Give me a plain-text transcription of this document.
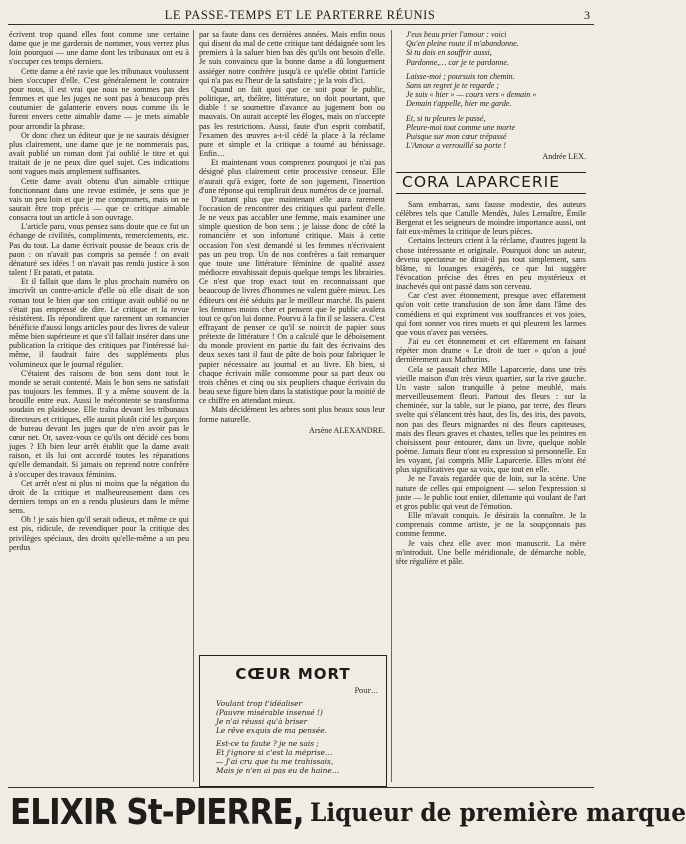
LE PASSE-TEMPS ET LE PARTERRE RÉUNIS	3

écrivent trop quand elles font comme une certaine dame que je me garderais de nommer, vous verrez plus loin pourquoi — une dame dont les tribunaux ont eu à s'occuper ces temps derniers.

Cette dame a été ravie que les tribunaux voulussent bien s'occuper d'elle. C'est généralement le contraire pour nous, il est vrai que nous ne sommes pas des femmes et que les juges ne sont pas à beaucoup près coutumier de galanterie envers nous comme ils le furent envers cette aimable dame — je mets aimable pour arrondir la phrase.

Or donc chez un éditeur que je ne saurais désigner plus clairement, une dame que je ne nommerais pas, avait publié un roman dont j'ai oublié le titre et qui traitait de je ne peux dire quel sujet. Ces indications sont vagues mais amplement suffisantes.

Cette dame avait obtenu d'un aimable critique fonctionnant dans une revue estimée, je sens que je vais un peu loin et que je me compromets, mais on ne saurait être trop précis — que ce critique aimable consacra tout un article à son ouvrage.

L'article paru, vous pensez sans doute que ce fut un échange de civilités, compliments, remerciements, etc. Pas du tout. La dame écrivait pousse de beaux cris de paon : on n'avait pas compris sa pensée ! on avait dénaturé ses idées ! on n'avait pas rendu justice à son talent ! Et patati, et patata.

Et il fallait que dans le plus prochain numéro on inscrivît un contre-article d'elle où elle disait de son roman tout le bien que son critique avait oublié ou ne s'était pas empressé de dire. Le critique et la revue résistèrent. Ils répondirent que rarement un romancier bénéficie d'aussi longs articles pour des livres de valeur même bien supérieure et que s'il fallait insérer dans une publication la critique des critiques par l'intéressé lui-même, il faudrait faire des suppléments plus volumineux que le journal régulier.

C'étaient des raisons de bon sens dont tout le monde se serait contenté. Mais le bon sens ne satisfait pas toujours les femmes. Il y a même souvent de la brouille entre eux. Aussi le mécontente se transforma soudain en plaideuse. Elle traîna devant les tribunaux directeurs et critiques, elle aurait plutôt cité les garçons de bureau devant les juges que de n'en avoir pas le cœur net. Or, savez-vous ce qu'ils ont décidé ces bons juges ? Eh bien leur arrêt établit que la dame avait raison, et ils lui ont accordé toutes les réparations qu'elle demandait. Si jamais on reprend notre confrère à s'occuper des travaux féminins.

Cet arrêt n'est ni plus ni moins que la négation du droit de la critique et malheureusement dans ces derniers temps on en a rendu plusieurs dans le même sens.

Oh ! je sais bien qu'il serait odieux, et même ce qui est pis, ridicule, de revendiquer pour la critique des privilèges spéciaux, des droits qu'elle-même a un peu perdus

par sa faute dans ces dernières années. Mais enfin nous qui disent du mal de cette critique tant dédaignée sont les premiers à la saluer bien bas dès qu'ils ont besoin d'elle. Je suis convaincu que la bonne dame a dû longuement assiéger notre confrère jusqu'à ce qu'elle obtint l'article qui n'a pas eu l'heur de la satisfaire ; je la vois d'ici.

Quand on fait quoi que ce soit pour le public, politique, art, théâtre, littérature, on doit pourtant, que diable ! se soumettre d'avance au jugement bon ou mauvais. On aurait accepté les éloges, mais on n'accepte pas les restrictions. Aussi, faute d'un esprit combatif, l'examen des œuvres a-t-il cédé la place à la réclame pure et simple et la critique a tourné au bénissage. Enfin…

Et maintenant vous comprenez pourquoi je n'ai pas désigné plus clairement cette processive censeur. Elle n'aurait qu'à exiger, forte de son jugement, l'insertion d'une réponse qui remplirait deux numéros de ce journal.

D'autant plus que maintenant elle aura rarement l'occasion de rencontrer des critiques qui parlent d'elle. Je ne veux pas accabler une femme, mais examiner une simple question de bon sens ; je laisse donc de côté la romancière et son infortuné critique. Mais à cette occasion l'on s'est demandé si les femmes n'écrivaient pas un peu trop. Un de nos confrères a fait remarquer que toute une littérature féminine de qualité assez médiocre envahissait depuis quelque temps les librairies. Ce n'est que trop exact tout en reconnaissant que beaucoup de livres d'hommes ne valent guère mieux. Les éditeurs ont été séduits par le meilleur marché. Ils paient les femmes moins cher et pensent que le public avalera tout ce qu'on lui donne. Pourvu à la fin il se lassera. C'est effrayant de penser ce qu'il se noircit de papier sous prétexte de littérature ! On a calculé que le déboisement du monde provient en partie du fait des écrivains des deux sexes tant il faut de pâte de bois pour fabriquer le papier nécessaire au journal et au livre. Eh bien, si chaque écrivain mâle consomme pour sa part deux ou trois chênes et cinq ou six peupliers chaque écrivain du beau sexe figure bien dans la statistique pour la moitié de ce chiffre en attendant mieux.

Mais décidément les arbres sont plus beaux sous leur forme naturelle.

Arsène ALEXANDRE.
CŒUR MORT
Pour…
Voulant trop t'idéaliser
(Pauvre misérable insensé !)
Je n'ai réussi qu'à briser
Le rêve exquis de ma pensée.
Est-ce ta faute ? je ne sais ;
Et j'ignore si c'est la méprise…
— J'ai cru que tu me trahissais,
Mais je n'en ai pas eu de haine…
J'eus beau prier l'amour : voici
Qu'en pleine route il m'abandonne.
Si tu dois en souffrir aussi,
Pardonne,… car je te pardonne.
Laisse-moi ; poursuis ton chemin.
Sans un regret je te regarde ;
Je suis « hier » — cours vers « demain »
Demain t'appelle, hier me garde.
Et, si tu pleures le passé,
Pleure-moi tout comme une morte
Puisque sur mon cœur trépassé
L'Amour a verrouillé sa porte !
Andrée LEX.
CORA LAPARCERIE

Sans embarras, sans fausse modestie, des auteurs célèbres tels que Catulle Mendès, Jules Lemaître, Émile Bergerat et les seigneurs de moindre importance aussi, ont fait eux-mêmes la critique de leurs pièces.

Certains lecteurs crient à la réclame, d'autres jugent la chose intéressante et originale. Pourquoi donc un auteur, devenu spectateur ne dirait-il pas tout simplement, sans blâme, ni louanges exagérés, ce que lui suggère l'évocation précise des êtres en peu mystérieux et inachevés qui ont passé dans son cerveau.

Car c'est avec étonnement, presque avec effarement qu'on voit cette transfusion de son âme dans l'âme des comédiens et qui expriment vos souffrances et vos joies, qui font sonner vos rires muets et qui pleurent les larmes que vous n'avez pas versées.

J'ai eu cet étonnement et cet effarement en faisant répéter mon drame « Le droit de tuer » qu'on a joué dernièrement aux Mathurins.

Cela se passait chez Mlle Laparcerie, dans une très vieille maison d'un très vieux quartier, sur la rive gauche. Un vaste salon tranquille à peine meublé, mais merveilleusement fleuri. Partout des fleurs : sur la cheminée, sur la table, sur le piano, par terre, des fleurs svelte qui s'élancent très haut, des lis, des iris, des pavots, non pas des fleurs mignardes ni des fleurs capiteuses, mais des fleurs graves et chastes, telles que les peintres en choisissent pour entourer, dans un livre, quelque noble poème. Jamais fleur n'ont eu expression si personnelle. En les voyant, j'ai compris Mlle Laparcerie. Elles m'ont été plus significatives que sa voix, que tout en elle.

Je ne l'avais regardée que de loin, sur la scène. Une nature de celles qui empoignent — selon l'expression si juste — le public tout entier, dilettante qui voulant de l'art et gros public qui veut de l'émotion.

Elle m'avait conquis. Je désirais la connaître. Je la comprenais comme artiste, je ne la soupçonnais pas comme femme.

Je vais chez elle avec mon manuscrit. La mère m'introduit. Une belle méridionale, de démarche noble, tête régulière et pâle.

ELIXIR St-PIERRE, Liqueur de première marque
